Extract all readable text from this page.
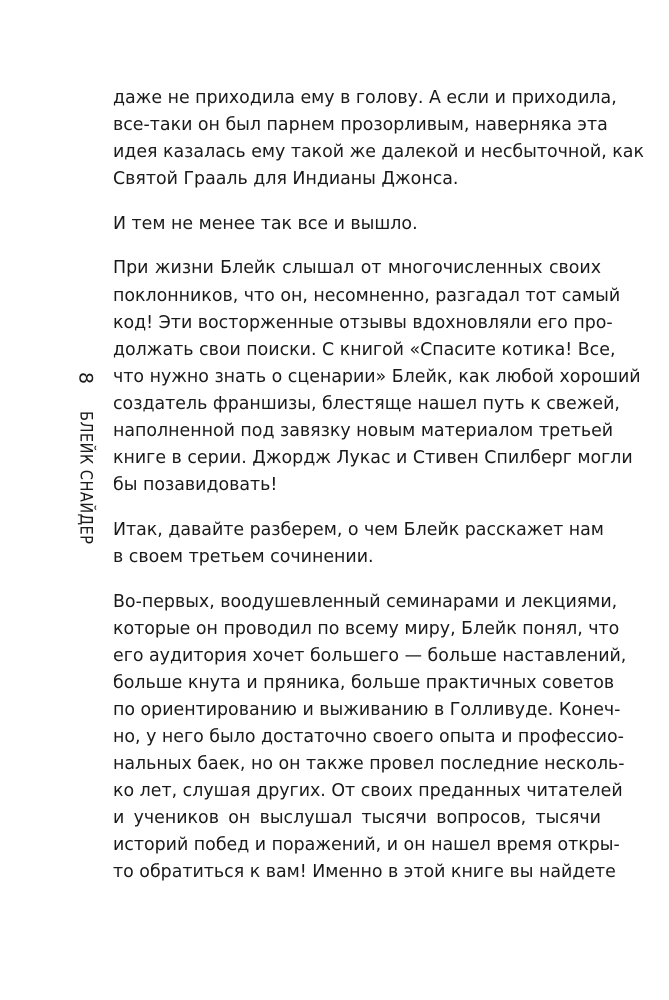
8
БЛЕЙК СНАЙДЕР
даже не приходила ему в голову. А если и приходила,
все-таки он был парнем прозорливым, наверняка эта
идея казалась ему такой же далекой и несбыточной, как
Святой Грааль для Индианы Джонса.
И тем не менее так все и вышло.
При жизни Блейк слышал от многочисленных своих
поклонников, что он, несомненно, разгадал тот самый
код! Эти восторженные отзывы вдохновляли его про-
должать свои поиски. С книгой «Спасите котика! Все,
что нужно знать о сценарии» Блейк, как любой хороший
создатель франшизы, блестяще нашел путь к свежей,
наполненной под завязку новым материалом третьей
книге в серии. Джордж Лукас и Стивен Спилберг могли
бы позавидовать!
Итак, давайте разберем, о чем Блейк расскажет нам
в своем третьем сочинении.
Во-первых, воодушевленный семинарами и лекциями,
которые он проводил по всему миру, Блейк понял, что
его аудитория хочет большего — больше наставлений,
больше кнута и пряника, больше практичных советов
по ориентированию и выживанию в Голливуде. Конеч-
но, у него было достаточно своего опыта и профессио-
нальных баек, но он также провел последние несколь-
ко лет, слушая других. От своих преданных читателей
и учеников он выслушал тысячи вопросов, тысячи
историй побед и поражений, и он нашел время откры-
то обратиться к вам! Именно в этой книге вы найдете
